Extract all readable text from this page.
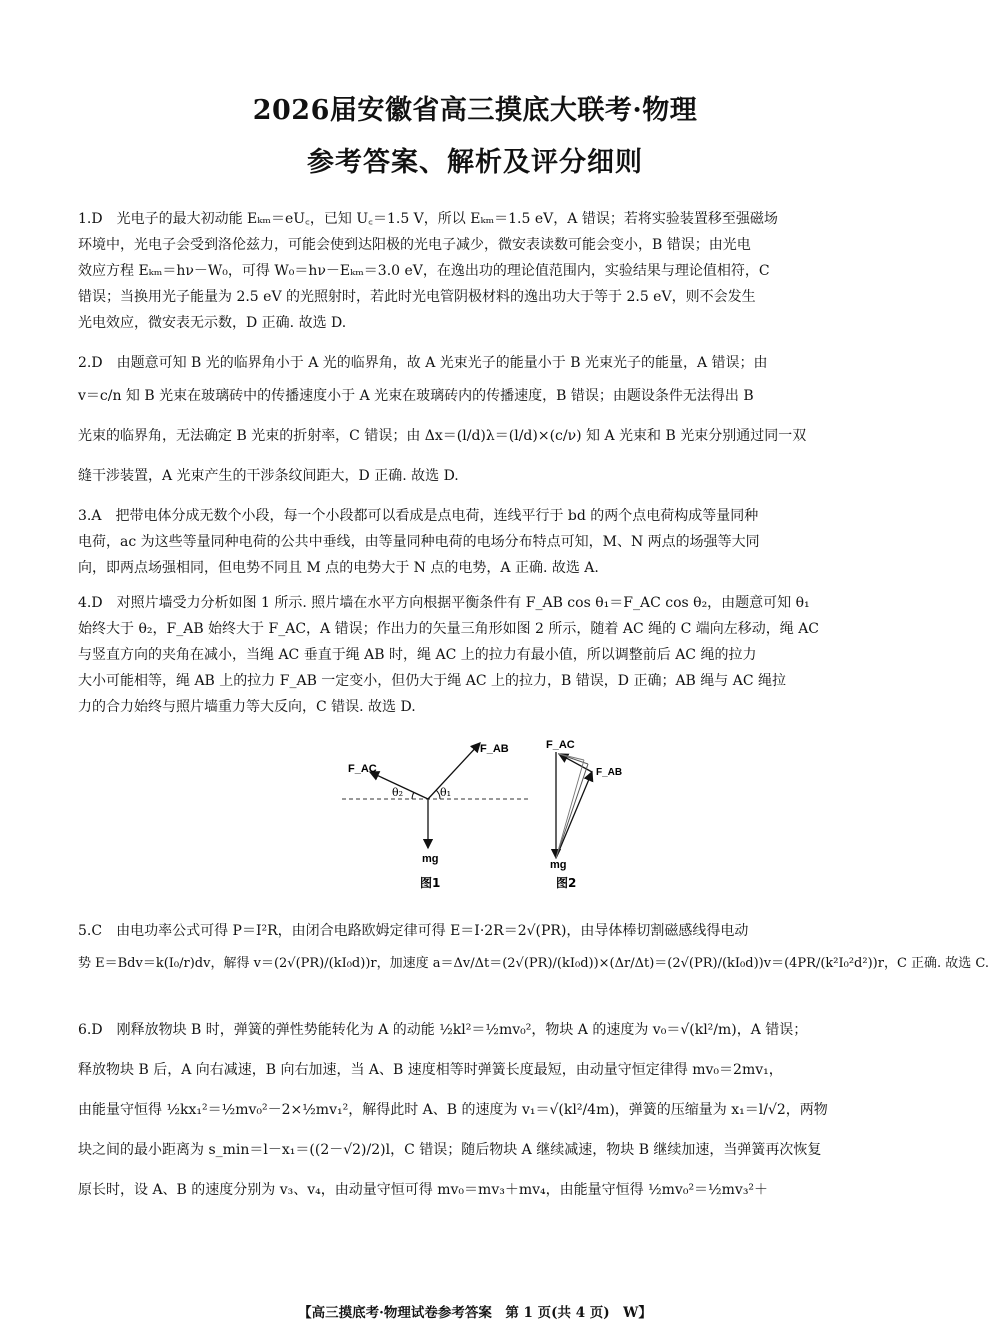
2026届安徽省高三摸底大联考·物理
参考答案、解析及评分细则
1.D　光电子的最大初动能 Eₖₘ＝eU꜀，已知 U꜀＝1.5 V，所以 Eₖₘ＝1.5 eV，A 错误；若将实验装置移至强磁场
环境中，光电子会受到洛伦兹力，可能会使到达阳极的光电子减少，微安表读数可能会变小，B 错误；由光电
效应方程 Eₖₘ＝hν－W₀，可得 W₀＝hν－Eₖₘ＝3.0 eV，在逸出功的理论值范围内，实验结果与理论值相符，C
错误；当换用光子能量为 2.5 eV 的光照射时，若此时光电管阴极材料的逸出功大于等于 2.5 eV，则不会发生
光电效应，微安表无示数，D 正确. 故选 D.
2.D　由题意可知 B 光的临界角小于 A 光的临界角，故 A 光束光子的能量小于 B 光束光子的能量，A 错误；由
v＝c/n 知 B 光束在玻璃砖中的传播速度小于 A 光束在玻璃砖内的传播速度，B 错误；由题设条件无法得出 B
光束的临界角，无法确定 B 光束的折射率，C 错误；由 Δx＝(l/d)λ＝(l/d)×(c/ν) 知 A 光束和 B 光束分别通过同一双
缝干涉装置，A 光束产生的干涉条纹间距大，D 正确. 故选 D.
3.A　把带电体分成无数个小段，每一个小段都可以看成是点电荷，连线平行于 bd 的两个点电荷构成等量同种
电荷，ac 为这些等量同种电荷的公共中垂线，由等量同种电荷的电场分布特点可知，M、N 两点的场强等大同
向，即两点场强相同，但电势不同且 M 点的电势大于 N 点的电势，A 正确. 故选 A.
4.D　对照片墙受力分析如图 1 所示. 照片墙在水平方向根据平衡条件有 F_AB cos θ₁＝F_AC cos θ₂，由题意可知 θ₁
始终大于 θ₂，F_AB 始终大于 F_AC，A 错误；作出力的矢量三角形如图 2 所示，随着 AC 绳的 C 端向左移动，绳 AC
与竖直方向的夹角在减小，当绳 AC 垂直于绳 AB 时，绳 AC 上的拉力有最小值，所以调整前后 AC 绳的拉力
大小可能相等，绳 AB 上的拉力 F_AB 一定变小，但仍大于绳 AC 上的拉力，B 错误，D 正确；AB 绳与 AC 绳拉
力的合力始终与照片墙重力等大反向，C 错误. 故选 D.
F_AC
F_AB
mg
θ₂	θ₁
图1
F_AC
F_AB
mg
图2
5.C　由电功率公式可得 P＝I²R，由闭合电路欧姆定律可得 E＝I·2R＝2√(PR)，由导体棒切割磁感线得电动
势 E＝Bdv＝k(I₀/r)dv，解得 v＝(2√(PR)/(kI₀d))r，加速度 a＝Δv/Δt＝(2√(PR)/(kI₀d))×(Δr/Δt)＝(2√(PR)/(kI₀d))v＝(4PR/(k²I₀²d²))r，C 正确. 故选 C.
6.D　刚释放物块 B 时，弹簧的弹性势能转化为 A 的动能 ½kl²＝½mv₀²，物块 A 的速度为 v₀＝√(kl²/m)，A 错误；
释放物块 B 后，A 向右减速，B 向右加速，当 A、B 速度相等时弹簧长度最短，由动量守恒定律得 mv₀＝2mv₁，
由能量守恒得 ½kx₁²＝½mv₀²－2×½mv₁²，解得此时 A、B 的速度为 v₁＝√(kl²/4m)，弹簧的压缩量为 x₁＝l/√2，两物
块之间的最小距离为 s_min＝l－x₁＝((2－√2)/2)l，C 错误；随后物块 A 继续减速，物块 B 继续加速，当弹簧再次恢复
原长时，设 A、B 的速度分别为 v₃、v₄，由动量守恒可得 mv₀＝mv₃＋mv₄，由能量守恒得 ½mv₀²＝½mv₃²＋
【高三摸底考·物理试卷参考答案　第 1 页(共 4 页)　W】
